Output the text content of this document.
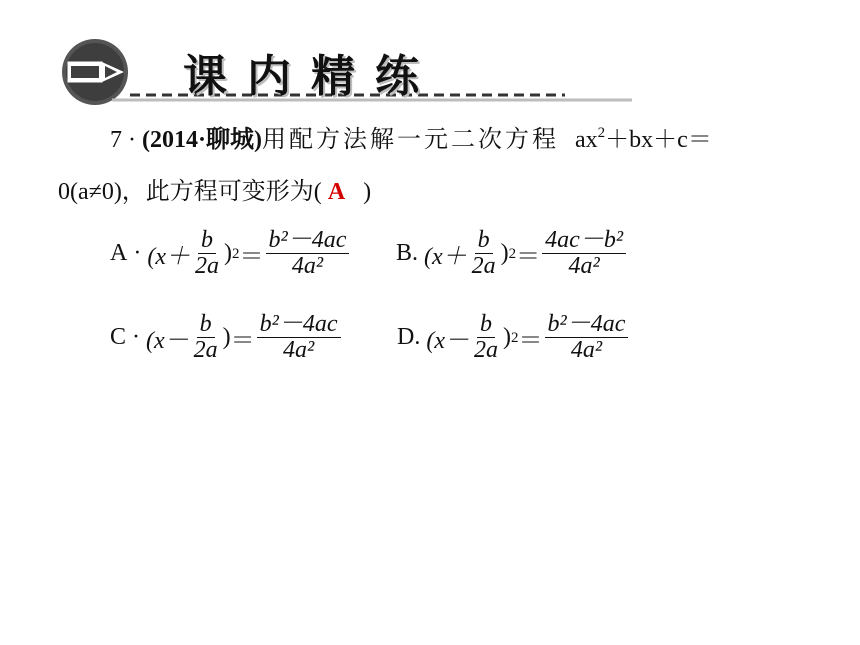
课内精练
7 · (2014·聊城)用配方法解一元二次方程 $ax^2+bx+c=$
0(a≠0)，此方程可变形为( A )
A
·
($x+ \frac{b}{2a}$ ) $2 = \frac{\text{b²－4ac}}{\text{4a²}}$ B .
($x+ \frac{b}{2a}$ ) $2 = \frac{\text{4ac－b²}}{\text{4a²}}$
C
·
($x- \frac{b}{2a}$ ) ＝ $\frac{\text{b²－4ac}}{\text{4a²}}$ D .
($x- \frac{b}{2a}$ ) $2 = \frac{\text{b²－4ac}}{\text{4a²}}$
